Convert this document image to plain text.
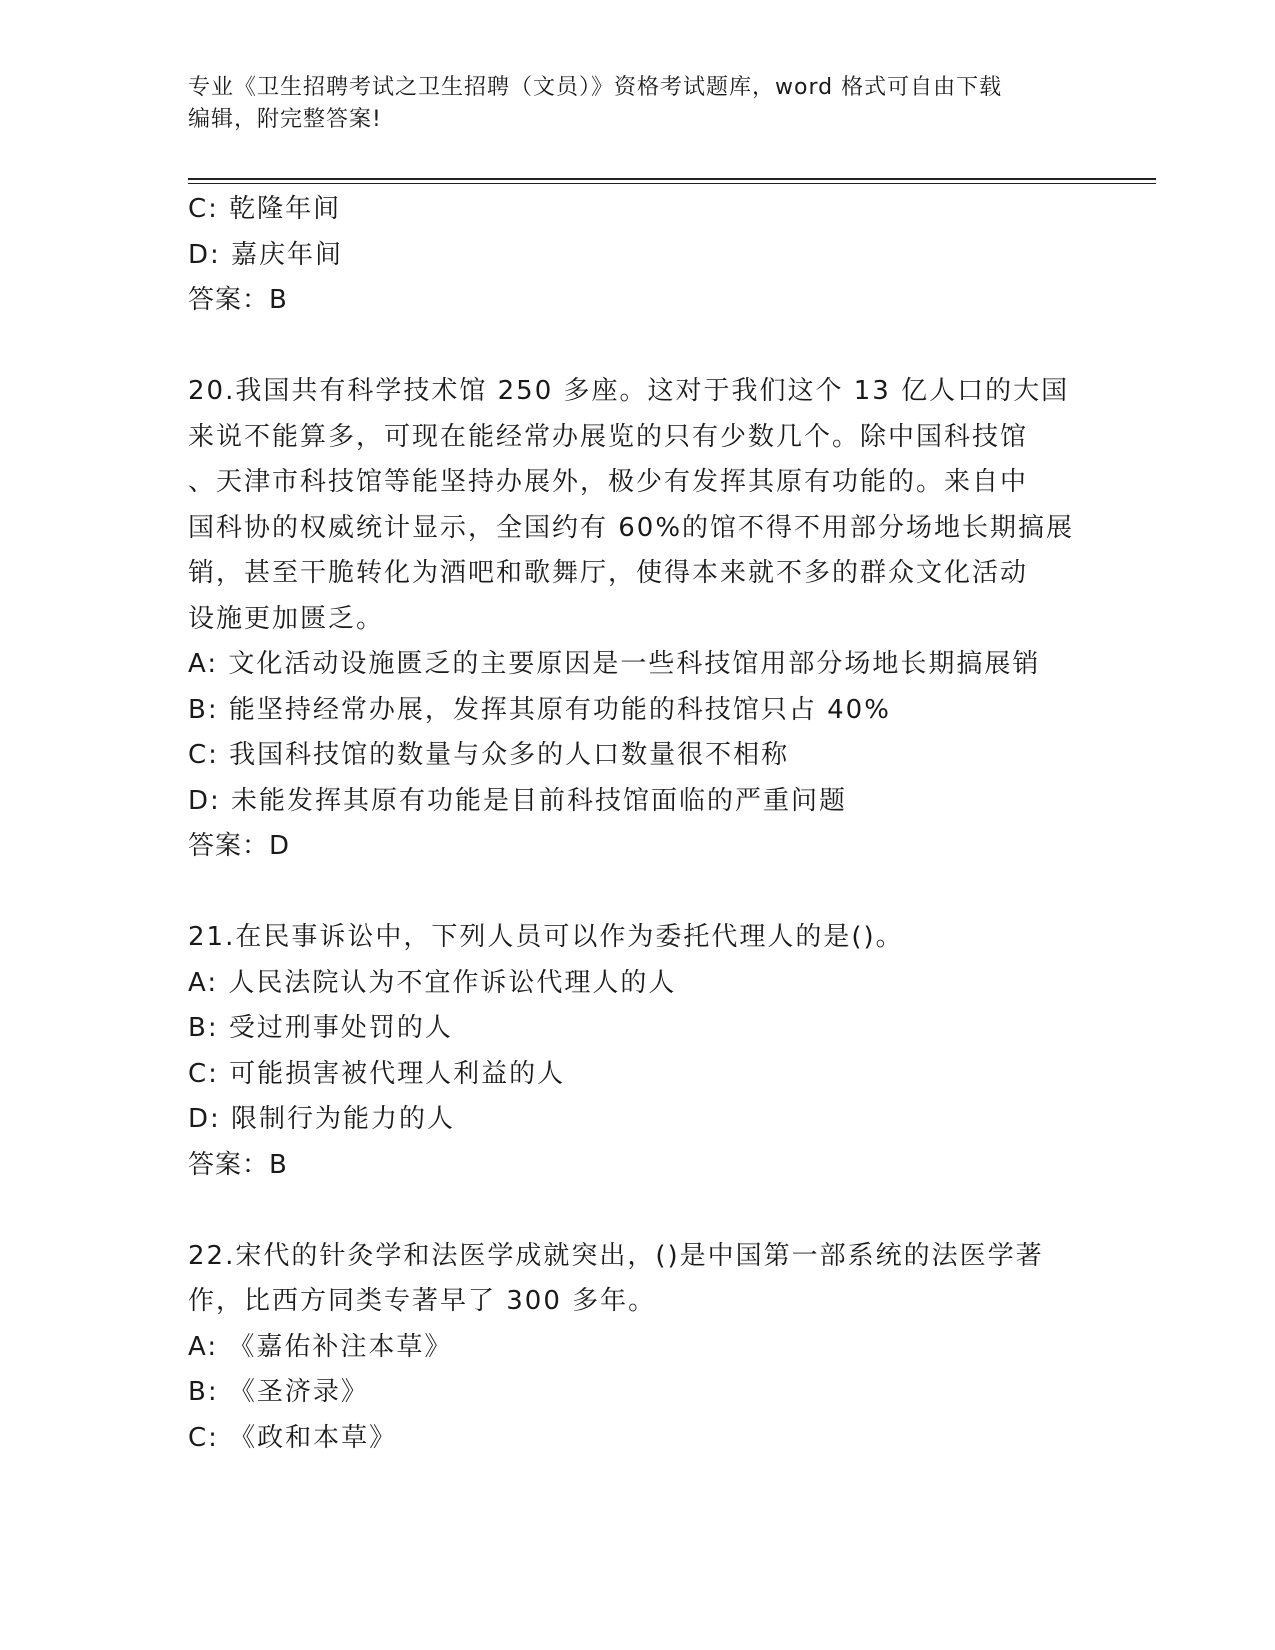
专业《卫生招聘考试之卫生招聘（文员）》资格考试题库，word 格式可自由下载
编辑，附完整答案!
C: 乾隆年间
D: 嘉庆年间
答案：B
20.我国共有科学技术馆 250 多座。这对于我们这个 13 亿人口的大国
来说不能算多，可现在能经常办展览的只有少数几个。除中国科技馆
、天津市科技馆等能坚持办展外，极少有发挥其原有功能的。来自中
国科协的权威统计显示，全国约有 60%的馆不得不用部分场地长期搞展
销，甚至干脆转化为酒吧和歌舞厅，使得本来就不多的群众文化活动
设施更加匮乏。
A: 文化活动设施匮乏的主要原因是一些科技馆用部分场地长期搞展销
B: 能坚持经常办展，发挥其原有功能的科技馆只占 40%
C: 我国科技馆的数量与众多的人口数量很不相称
D: 未能发挥其原有功能是目前科技馆面临的严重问题
答案：D
21.在民事诉讼中，下列人员可以作为委托代理人的是()。
A: 人民法院认为不宜作诉讼代理人的人
B: 受过刑事处罚的人
C: 可能损害被代理人利益的人
D: 限制行为能力的人
答案：B
22.宋代的针灸学和法医学成就突出，()是中国第一部系统的法医学著
作，比西方同类专著早了 300 多年。
A: 《嘉佑补注本草》
B: 《圣济录》
C: 《政和本草》
